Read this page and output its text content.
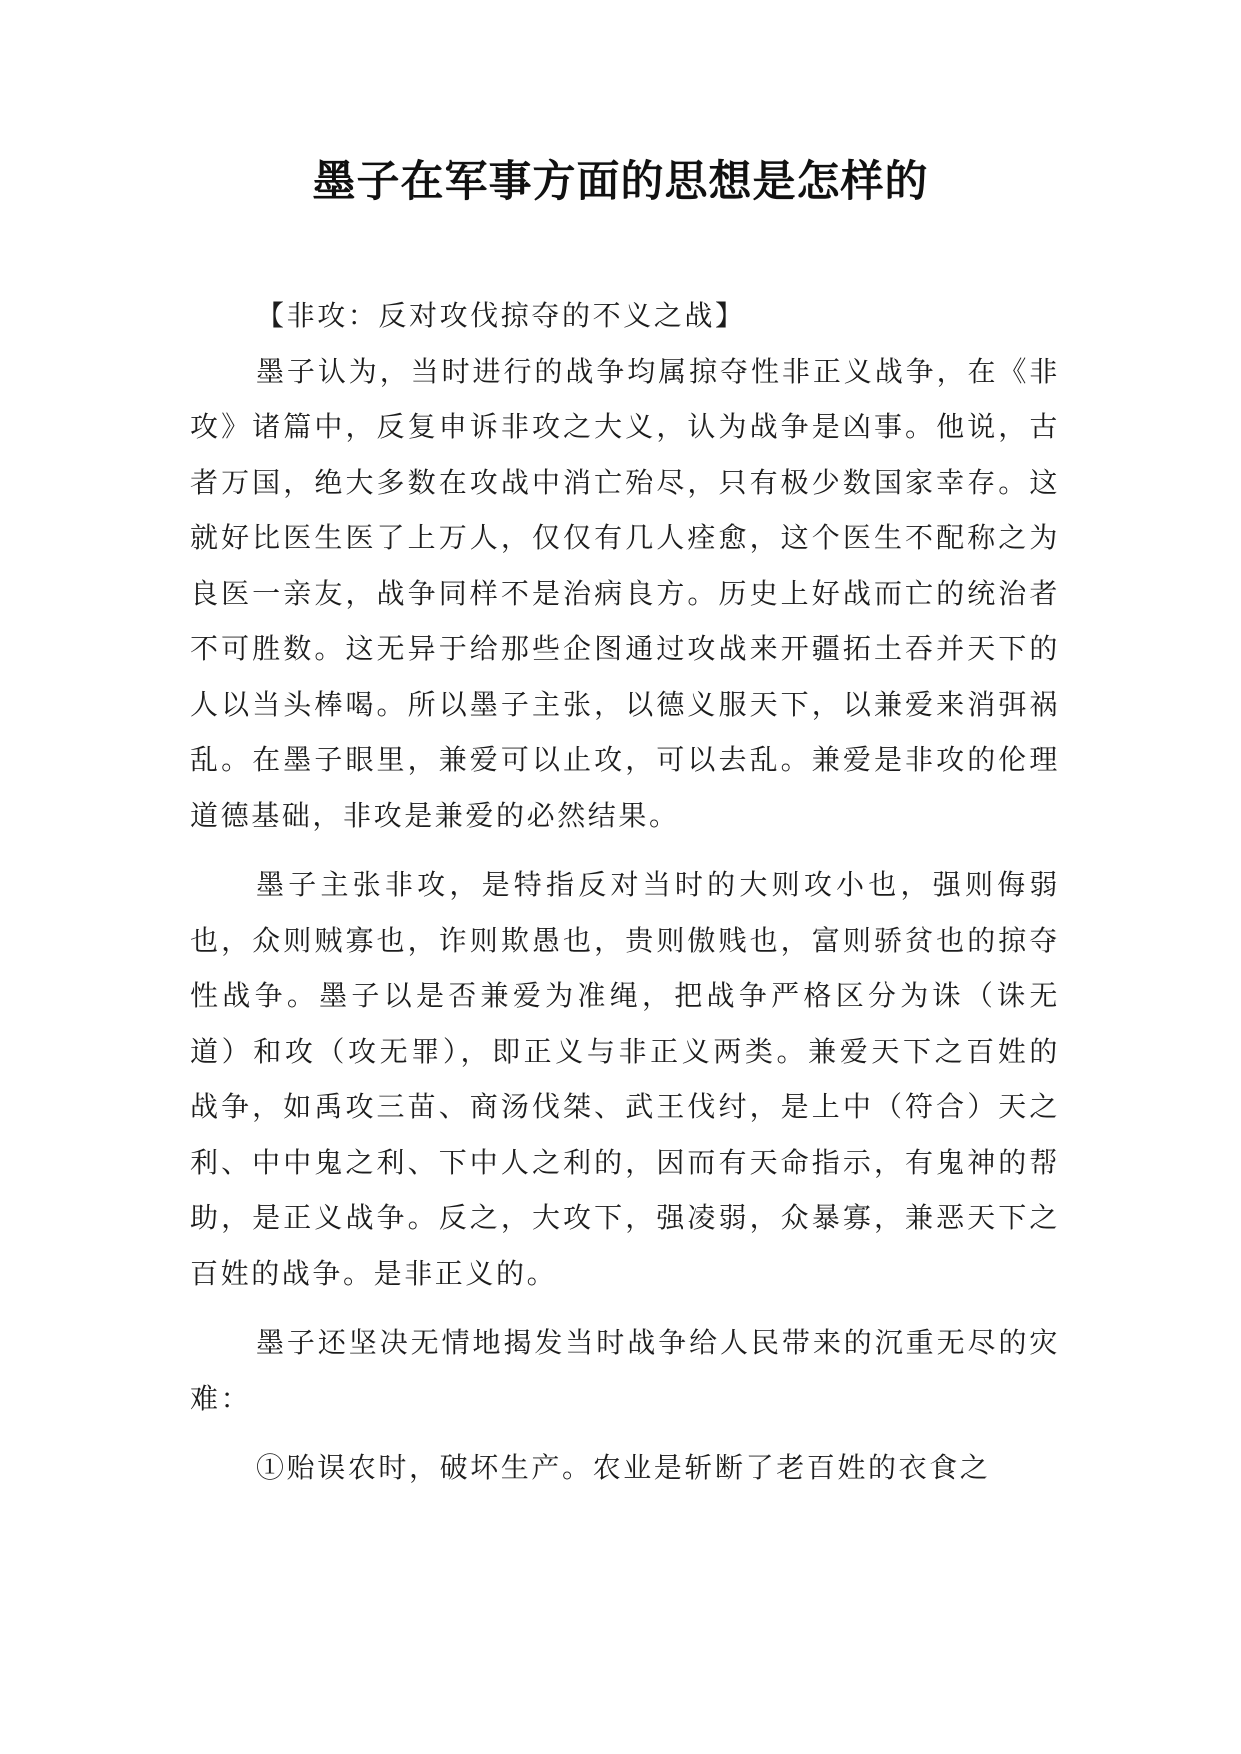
墨子在军事方面的思想是怎样的

【非攻：反对攻伐掠夺的不义之战】

墨子认为，当时进行的战争均属掠夺性非正义战争，在《非攻》诸篇中，反复申诉非攻之大义，认为战争是凶事。他说，古者万国，绝大多数在攻战中消亡殆尽，只有极少数国家幸存。这就好比医生医了上万人，仅仅有几人痊愈，这个医生不配称之为良医一亲友，战争同样不是治病良方。历史上好战而亡的统治者不可胜数。这无异于给那些企图通过攻战来开疆拓土吞并天下的人以当头棒喝。所以墨子主张，以德义服天下，以兼爱来消弭祸乱。在墨子眼里，兼爱可以止攻，可以去乱。兼爱是非攻的伦理道德基础，非攻是兼爱的必然结果。

墨子主张非攻，是特指反对当时的大则攻小也，强则侮弱也，众则贼寡也，诈则欺愚也，贵则傲贱也，富则骄贫也的掠夺性战争。墨子以是否兼爱为准绳，把战争严格区分为诛（诛无道）和攻（攻无罪），即正义与非正义两类。兼爱天下之百姓的战争，如禹攻三苗、商汤伐桀、武王伐纣，是上中（符合）天之利、中中鬼之利、下中人之利的，因而有天命指示，有鬼神的帮助，是正义战争。反之，大攻下，强凌弱，众暴寡，兼恶天下之百姓的战争。是非正义的。

墨子还坚决无情地揭发当时战争给人民带来的沉重无尽的灾难：

①贻误农时，破坏生产。农业是斩断了老百姓的衣食之
